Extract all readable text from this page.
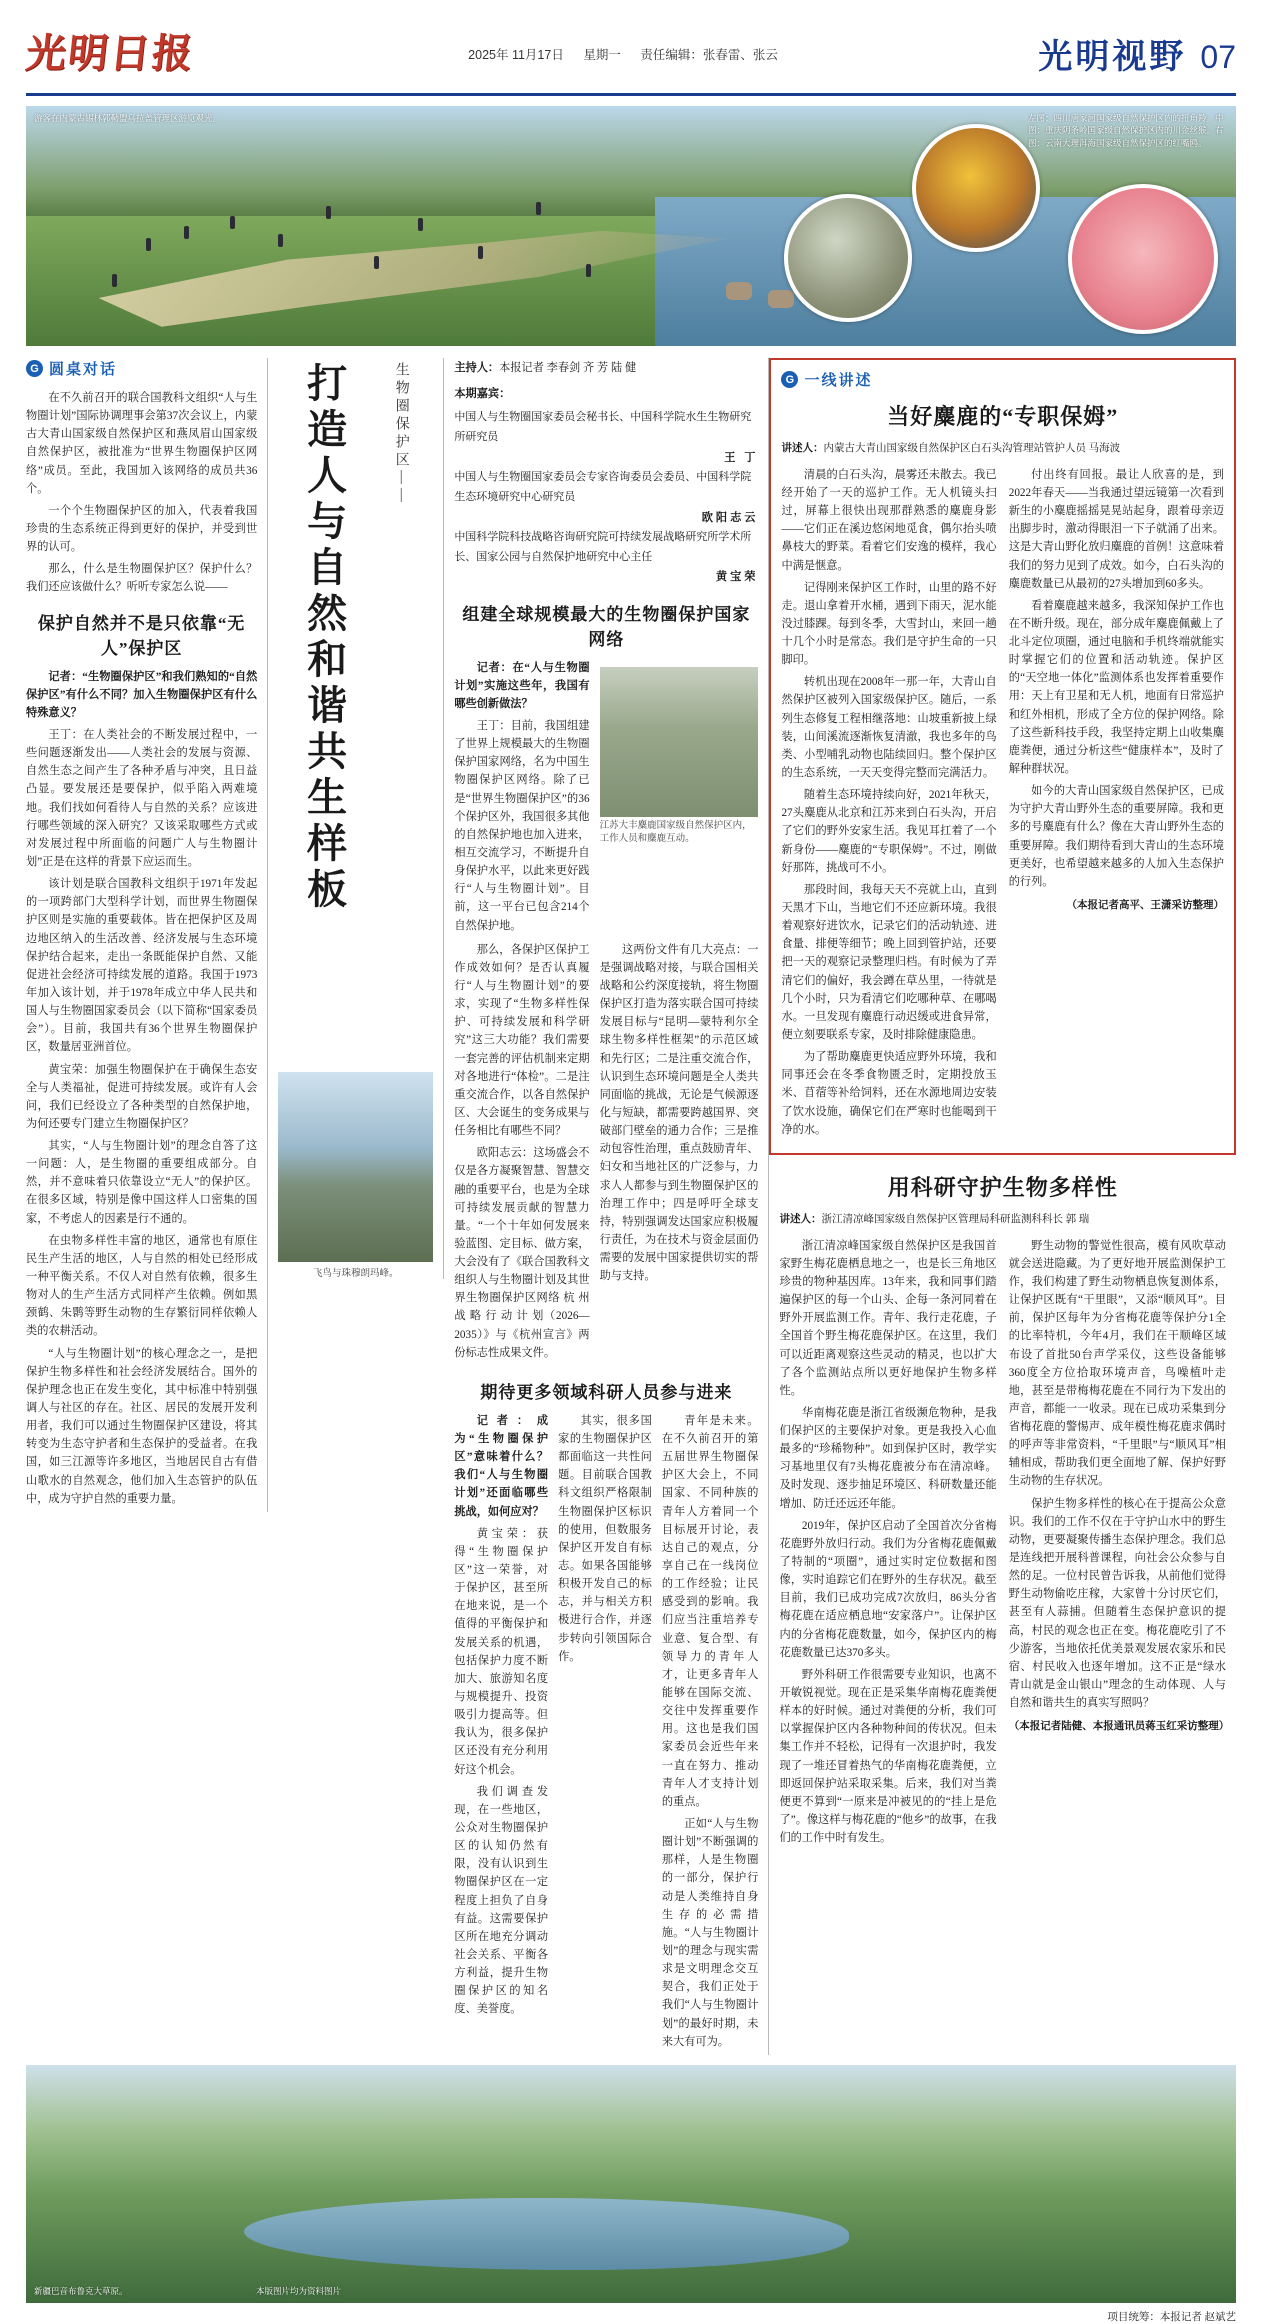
光明日报	2025年 11月17日 星期一 责任编辑：张春雷、张云	光明视野 07
游客在内蒙古锡林郭勒盟乌拉盖管理区游览观光。	左图：四川唐家河国家级自然保护区内的扭角羚。中图：重庆阴条岭国家级自然保护区内的川金丝猴。右图：云南大理洱海国家级自然保护区的红嘴鸥。
G 圆桌对话

在不久前召开的联合国教科文组织“人与生物圈计划”国际协调理事会第37次会议上，内蒙古大青山国家级自然保护区和燕凤眉山国家级自然保护区，被批准为“世界生物圈保护区网络”成员。至此，我国加入该网络的成员共36个。

一个个生物圈保护区的加入，代表着我国珍贵的生态系统正得到更好的保护，并受到世界的认可。

那么，什么是生物圈保护区？保护什么？我们还应该做什么？听听专家怎么说——

保护自然并不是只依靠“无人”保护区

记者：“生物圈保护区”和我们熟知的“自然保护区”有什么不同？加入生物圈保护区有什么特殊意义？

王丁：在人类社会的不断发展过程中，一些问题逐渐发出——人类社会的发展与资源、自然生态之间产生了各种矛盾与冲突，且日益凸显。要发展还是要保护，似乎陷入两难境地。我们找如何看待人与自然的关系？应该进行哪些领域的深入研究？又该采取哪些方式或对发展过程中所面临的问题广人与生物圈计划”正是在这样的背景下应运而生。

该计划是联合国教科文组织于1971年发起的一项跨部门大型科学计划，而世界生物圈保护区则是实施的重要载体。皆在把保护区及周边地区纳入的生活改善、经济发展与生态环境保护结合起来，走出一条既能保护自然、又能促进社会经济可持续发展的道路。我国于1973年加入该计划，并于1978年成立中华人民共和国人与生物圈国家委员会（以下简称“国家委员会”）。目前，我国共有36个世界生物圈保护区，数量居亚洲首位。

黄宝荣：加强生物圈保护在于确保生态安全与人类福祉，促进可持续发展。或许有人会问，我们已经设立了各种类型的自然保护地，为何还要专门建立生物圈保护区？

其实，“人与生物圈计划”的理念自答了这一问题：人，是生物圈的重要组成部分。自然，并不意味着只依靠设立“无人”的保护区。在很多区域，特别是像中国这样人口密集的国家，不考虑人的因素是行不通的。

在虫物多样性丰富的地区，通常也有原住民生产生活的地区，人与自然的相处已经形成一种平衡关系。不仅人对自然有依赖，很多生物对人的生产生活方式同样产生依赖。例如黑颈鹤、朱鹮等野生动物的生存繁衍同样依赖人类的农耕活动。

“人与生物圈计划”的核心理念之一，是把保护生物多样性和社会经济发展结合。国外的保护理念也正在发生变化，其中标准中特别强调人与社区的存在。社区、居民的发展开发利用者，我们可以通过生物圈保护区建设，将其转变为生态守护者和生态保护的受益者。在我国，如三江源等许多地区，当地居民自古有借山歌水的自然观念，他们加入生态管护的队伍中，成为守护自然的重要力量。

打造人与自然和谐共生样板	生物圈保护区——
飞鸟与珠穆朗玛峰。
主持人：本报记者 李春剑 齐 芳 陆 健
本期嘉宾：
中国人与生物圈国家委员会秘书长、中国科学院水生生物研究所研究员
王 丁
中国人与生物圈国家委员会专家咨询委员会委员、中国科学院生态环境研究中心研究员
欧阳志云
中国科学院科技战略咨询研究院可持续发展战略研究所学术所长、国家公园与自然保护地研究中心主任
黄宝荣
组建全球规模最大的生物圈保护国家网络

记者：在“人与生物圈计划”实施这些年，我国有哪些创新做法？

王丁：目前，我国组建了世界上规模最大的生物圈保护国家网络，名为中国生物圈保护区网络。除了已是“世界生物圈保护区”的36个保护区外，我国很多其他的自然保护地也加入进来，相互交流学习，不断提升自身保护水平，以此来更好践行“人与生物圈计划”。目前，这一平台已包含214个自然保护地。

江苏大丰麋鹿国家级自然保护区内，工作人员和麋鹿互动。

那么，各保护区保护工作成效如何？是否认真履行“人与生物圈计划”的要求，实现了“生物多样性保护、可持续发展和科学研究”这三大功能？我们需要一套完善的评估机制来定期对各地进行“体检”。二是注重交流合作，以各自然保护区、大会诞生的变务成果与任务相比有哪些不同？

欧阳志云：这场盛会不仅是各方凝聚智慧、智慧交融的重要平台，也是为全球可持续发展贡献的智慧力量。“一个十年如何发展来验蓝图、定目标、做方案，大会没有了《联合国教科文组织人与生物圈计划及其世界生物圈保护区网络 杭 州 战 略 行 动 计 划（2026—2035）》与《杭州宣言》两份标志性成果文件。

这两份文件有几大亮点：一是强调战略对接，与联合国相关战略和公约深度接轨，将生物圈保护区打造为落实联合国可持续发展目标与“昆明—蒙特利尔全球生物多样性框架”的示范区域和先行区；二是注重交流合作，认识到生态环境问题是全人类共同面临的挑战，无论是气候源逐化与短缺，都需要跨越国界、突破部门壁垒的通力合作；三是推动包容性治理，重点鼓励青年、妇女和当地社区的广泛参与，力求人人都参与到生物圈保护区的治理工作中；四是呼吁全球支持，特别强调发达国家应积极履行责任，为在技术与资金层面仍需要的发展中国家提供切实的帮助与支持。

期待更多领域科研人员参与进来

记者：成为“生物圈保护区”意味着什么？我们“人与生物圈计划”还面临哪些挑战，如何应对？

黄宝荣：获得“生物圈保护区”这一荣誉，对于保护区，甚至所在地来说，是一个值得的平衡保护和发展关系的机遇，包括保护力度不断加大、旅游知名度与规模提升、投资吸引力提高等。但我认为，很多保护区还没有充分利用好这个机会。

我们调查发现，在一些地区，公众对生物圈保护区的认知仍然有限，没有认识到生物圈保护区在一定程度上担负了自身有益。这需要保护区所在地充分调动社会关系、平衡各方利益，提升生物圈保护区的知名度、美誉度。

其实，很多国家的生物圈保护区都面临这一共性问题。目前联合国教科文组织严格限制生物圈保护区标识的使用，但数服务保护区开发自有标志。如果各国能够积极开发自己的标志，并与相关方积极进行合作，并逐步转向引领国际合作。

青年是未来。在不久前召开的第五届世界生物圈保护区大会上，不同国家、不同种族的青年人方着同一个目标展开讨论，表达自己的观点，分享自己在一线岗位的工作经验；让民感受到的影响。我们应当注重培养专业意、复合型、有领导力的青年人才，让更多青年人能够在国际交流、交往中发挥重要作用。这也是我们国家委员会近些年来一直在努力、推动青年人才支持计划的重点。

正如“人与生物圈计划”不断强调的那样，人是生物圈的一部分，保护行动是人类维持自身生存的必需措施。“人与生物圈计划”的理念与现实需求是文明理念交互契合，我们正处于我们“人与生物圈计划”的最好时期，未来大有可为。

G 一线讲述
当好麋鹿的“专职保姆”
讲述人：内蒙古大青山国家级自然保护区白石头沟管理站管护人员 马海波

清晨的白石头沟，晨雾还未散去。我已经开始了一天的巡护工作。无人机镜头扫过，屏幕上很快出现那群熟悉的麋鹿身影——它们正在溪边悠闲地觅食，偶尔抬头喷鼻枝大的野菜。看着它们安逸的模样，我心中满是惬意。

记得刚来保护区工作时，山里的路不好走。退山拿着开水桶，遇到下雨天，泥水能没过膝踝。每到冬季，大雪封山，来回一趟十几个小时是常态。我们是守护生命的一只脚印。

转机出现在2008年一那一年，大青山自然保护区被列入国家级保护区。随后，一系列生态修复工程相继落地：山坡重新披上绿装，山间溪流逐渐恢复清澈，我也多年的鸟类、小型哺乳动物也陆续回归。整个保护区的生态系统，一天天变得完整而完满活力。

随着生态环境持续向好，2021年秋天，27头麋鹿从北京和江苏来到白石头沟，开启了它们的野外安家生活。我见耳扛着了一个新身份——麋鹿的“专职保姆”。不过，刚做好那阵，挑战可不小。

那段时间，我每天天不亮就上山，直到天黑才下山，当地它们不还应新环境。我很着观察好进饮水，记录它们的活动轨迹、进食量、排便等细节；晚上回到管护站，还要把一天的观察记录整理归档。有时候为了弄清它们的偏好，我会蹲在草丛里，一待就是几个小时，只为看清它们吃哪种草、在哪喝水。一旦发现有麋鹿行动迟缓或进食异常，便立刻要联系专家，及时排除健康隐患。

为了帮助麋鹿更快适应野外环境，我和同事还会在冬季食物匮乏时，定期投放玉米、苜蓿等补给饲料，还在水源地周边安装了饮水设施，确保它们在严寒时也能喝到干净的水。

付出终有回报。最让人欣喜的是，到2022年春天——当我通过望远镜第一次看到新生的小麋鹿摇摇晃晃站起身，跟着母亲迈出脚步时，激动得眼泪一下子就涌了出来。这是大青山野化放归麋鹿的首例！这意味着我们的努力见到了成效。如今，白石头沟的麋鹿数量已从最初的27头增加到60多头。

看着麋鹿越来越多，我深知保护工作也在不断升级。现在，部分成年麋鹿佩戴上了北斗定位项圈，通过电脑和手机终端就能实时掌握它们的位置和活动轨迹。保护区的“天空地一体化”监测体系也发挥着重要作用：天上有卫星和无人机，地面有日常巡护和红外相机，形成了全方位的保护网络。除了这些新科技手段，我坚持定期上山收集麋鹿粪便，通过分析这些“健康样本”，及时了解种群状况。

如今的大青山国家级自然保护区，已成为守护大青山野外生态的重要屏障。我和更多的号麋鹿有什么？像在大青山野外生态的重要屏障。我们期待看到大青山的生态环境更美好，也希望越来越多的人加入生态保护的行列。

（本报记者高平、王潇采访整理）
用科研守护生物多样性
讲述人：浙江清凉峰国家级自然保护区管理局科研监测科科长 郭 瑞

浙江清凉峰国家级自然保护区是我国首家野生梅花鹿栖息地之一，也是长三角地区珍贵的物种基因库。13年来，我和同事们踏遍保护区的每一个山头、企每一条河同着在野外开展监测工作。青年、我行走花鹿，子全国首个野生梅花鹿保护区。在这里，我们可以近距离观察这些灵动的精灵，也以扩大了各个监测站点所以更好地保护生物多样性。

华南梅花鹿是浙江省级濒危物种，是我们保护区的主要保护对象。更是我投入心血最多的“珍稀物种”。如到保护区时，教学实习基地里仅有7头梅花鹿被分布在清凉峰。及时发现、逐步抽足环境区、科研数量还能增加、防迁还远还年能。

2019年，保护区启动了全国首次分省梅花鹿野外放归行动。我们为分省梅花鹿佩戴了特制的“项圈”，通过实时定位数据和图像，实时追踪它们在野外的生存状况。截至目前，我们已成功完成7次放归，86头分省梅花鹿在适应栖息地“安家落户”。让保护区内的分省梅花鹿数量，如今，保护区内的梅花鹿数量已达370多头。

野外科研工作很需要专业知识，也离不开敏锐视觉。现在正是采集华南梅花鹿粪便样本的好时候。通过对粪便的分析，我们可以掌握保护区内各种物种间的传状况。但未集工作并不轻松，记得有一次退护时，我发现了一堆还冒着热气的华南梅花鹿粪便，立即返回保护站采取采集。后来，我们对当粪便更不算到“一原来是冲被见的的“挂上是危了”。像这样与梅花鹿的“他乡”的故事，在我们的工作中时有发生。

野生动物的警觉性很高，模有风吹草动就会送进隐藏。为了更好地开展监测保护工作，我们构建了野生动物栖息恢复测体系，让保护区既有“干里眼”，又添“顺风耳”。目前，保护区每年为分省梅花鹿等保护分1全的比率特机，今年4月，我们在干顺峰区域布设了首批50台声学采仪，这些设备能够360度全方位拾取环境声音，鸟噪植叶走地，甚至是带梅梅花鹿在不同行为下发出的声音，都能一一收录。现在已成功采集到分省梅花鹿的警惕声、成年模性梅花鹿求偶时的呼声等非常资料，“千里眼”与“顺风耳”相辅相成，帮助我们更全面地了解、保护好野生动物的生存状况。

保护生物多样性的核心在于提高公众意识。我们的工作不仅在于守护山水中的野生动物，更要凝聚传播生态保护理念。我们总是连线把开展科普课程，向社会公众参与自然的足。一位村民曾告诉我，从前他们觉得野生动物偷吃庄稼，大家曾十分讨厌它们，甚至有人蒜捕。但随着生态保护意识的提高，村民的观念也正在变。梅花鹿吃引了不少游客，当地依托优美景观发展农家乐和民宿、村民收入也逐年增加。这不正是“绿水青山就是金山银山”理念的生动体现、人与自然和谐共生的真实写照吗？

（本报记者陆健、本报通讯员蒋玉红采访整理）
新疆巴音布鲁克大草原。	本版图片均为资料图片
项目统筹：本报记者 赵斌艺
